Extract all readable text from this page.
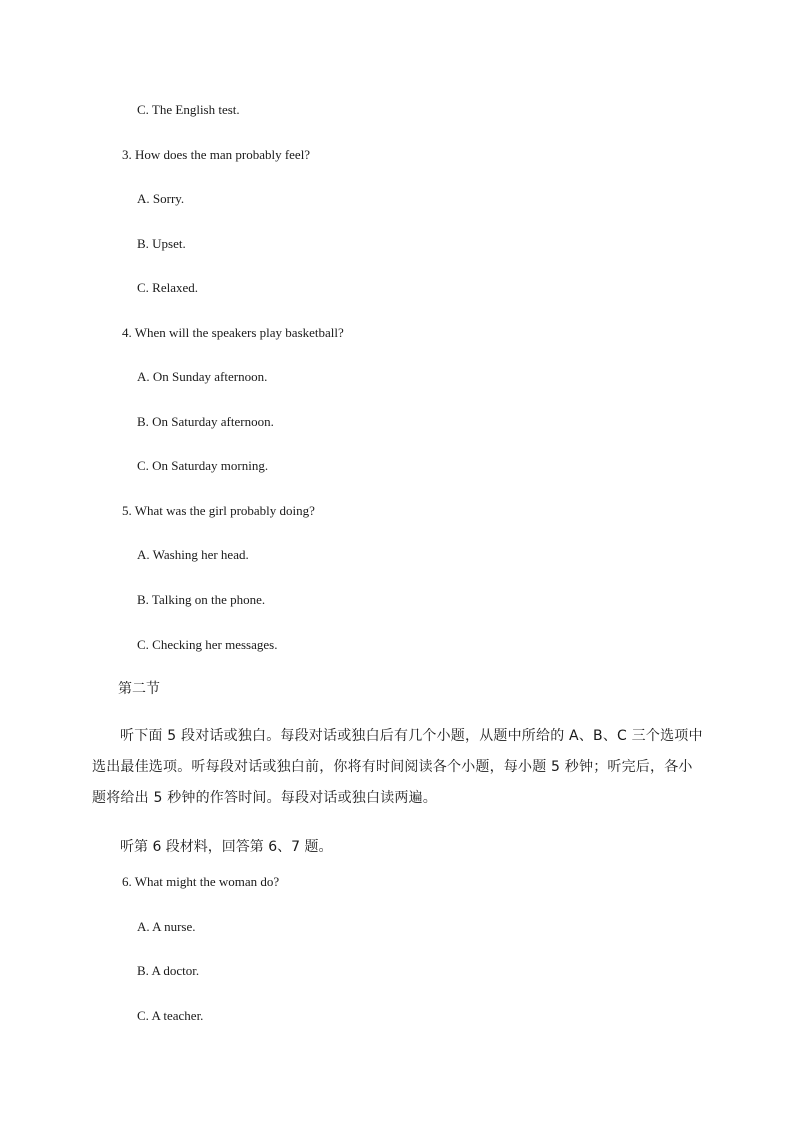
C. The English test.
3. How does the man probably feel?
A. Sorry.
B. Upset.
C. Relaxed.
4. When will the speakers play basketball?
A. On Sunday afternoon.
B. On Saturday afternoon.
C. On Saturday morning.
5. What was the girl probably doing?
A. Washing her head.
B. Talking on the phone.
C. Checking her messages.
第二节
听下面 5 段对话或独白。每段对话或独白后有几个小题，从题中所给的 A、B、C 三个选项中选出最佳选项。听每段对话或独白前，你将有时间阅读各个小题，每小题 5 秒钟；听完后，各小题将给出 5 秒钟的作答时间。每段对话或独白读两遍。
听第 6 段材料，回答第 6、7 题。
6. What might the woman do?
A. A nurse.
B. A doctor.
C. A teacher.
